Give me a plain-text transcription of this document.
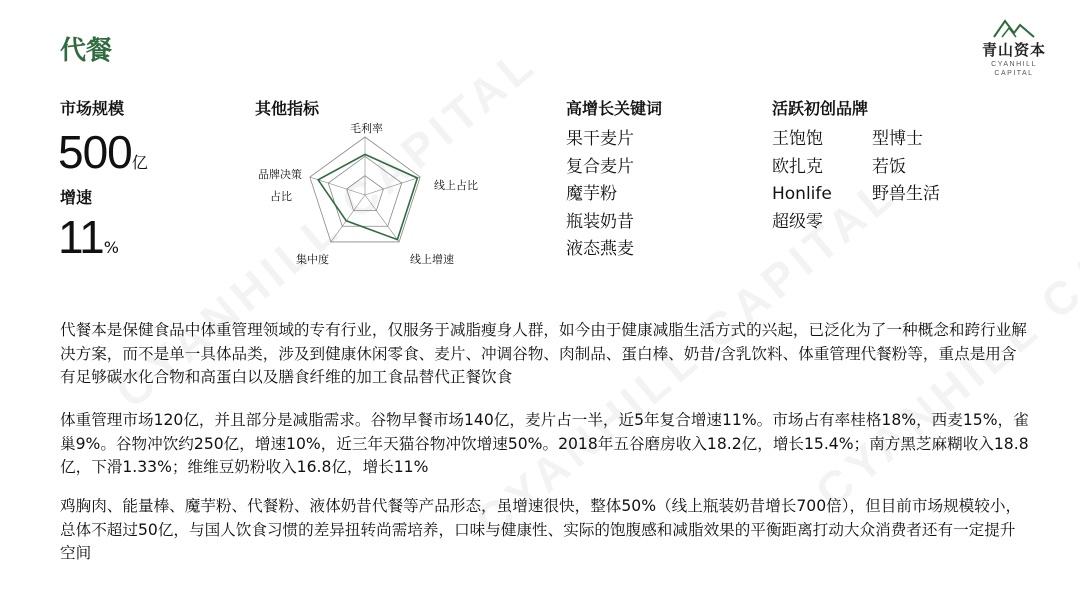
代餐	青山资本
CYANHILL
CAPITAL
市场规模
500亿
增速
11%
其他指标
毛利率
线上占比
线上增速
集中度
品牌决策
占比
高增长关键词
果干麦片
复合麦片
魔芋粉
瓶装奶昔
液态燕麦
活跃初创品牌
王饱饱	型博士
欧扎克	若饭
Honlife	野兽生活
超级零

代餐本是保健食品中体重管理领域的专有行业，仅服务于减脂瘦身人群，如今由于健康减脂生活方式的兴起，已泛化为了一种概念和跨行业解决方案，而不是单一具体品类，涉及到健康休闲零食、麦片、冲调谷物、肉制品、蛋白棒、奶昔/含乳饮料、体重管理代餐粉等，重点是用含有足够碳水化合物和高蛋白以及膳食纤维的加工食品替代正餐饮食

体重管理市场120亿，并且部分是减脂需求。谷物早餐市场140亿，麦片占一半，近5年复合增速11%。市场占有率桂格18%，西麦15%，雀巢9%。谷物冲饮约250亿，增速10%，近三年天猫谷物冲饮增速50%。2018年五谷磨房收入18.2亿，增长15.4%；南方黑芝麻糊收入18.8亿，下滑1.33%；维维豆奶粉收入16.8亿，增长11%

鸡胸肉、能量棒、魔芋粉、代餐粉、液体奶昔代餐等产品形态，虽增速很快，整体50%（线上瓶装奶昔增长700倍），但目前市场规模较小，总体不超过50亿，与国人饮食习惯的差异扭转尚需培养，口味与健康性、实际的饱腹感和减脂效果的平衡距离打动大众消费者还有一定提升空间
